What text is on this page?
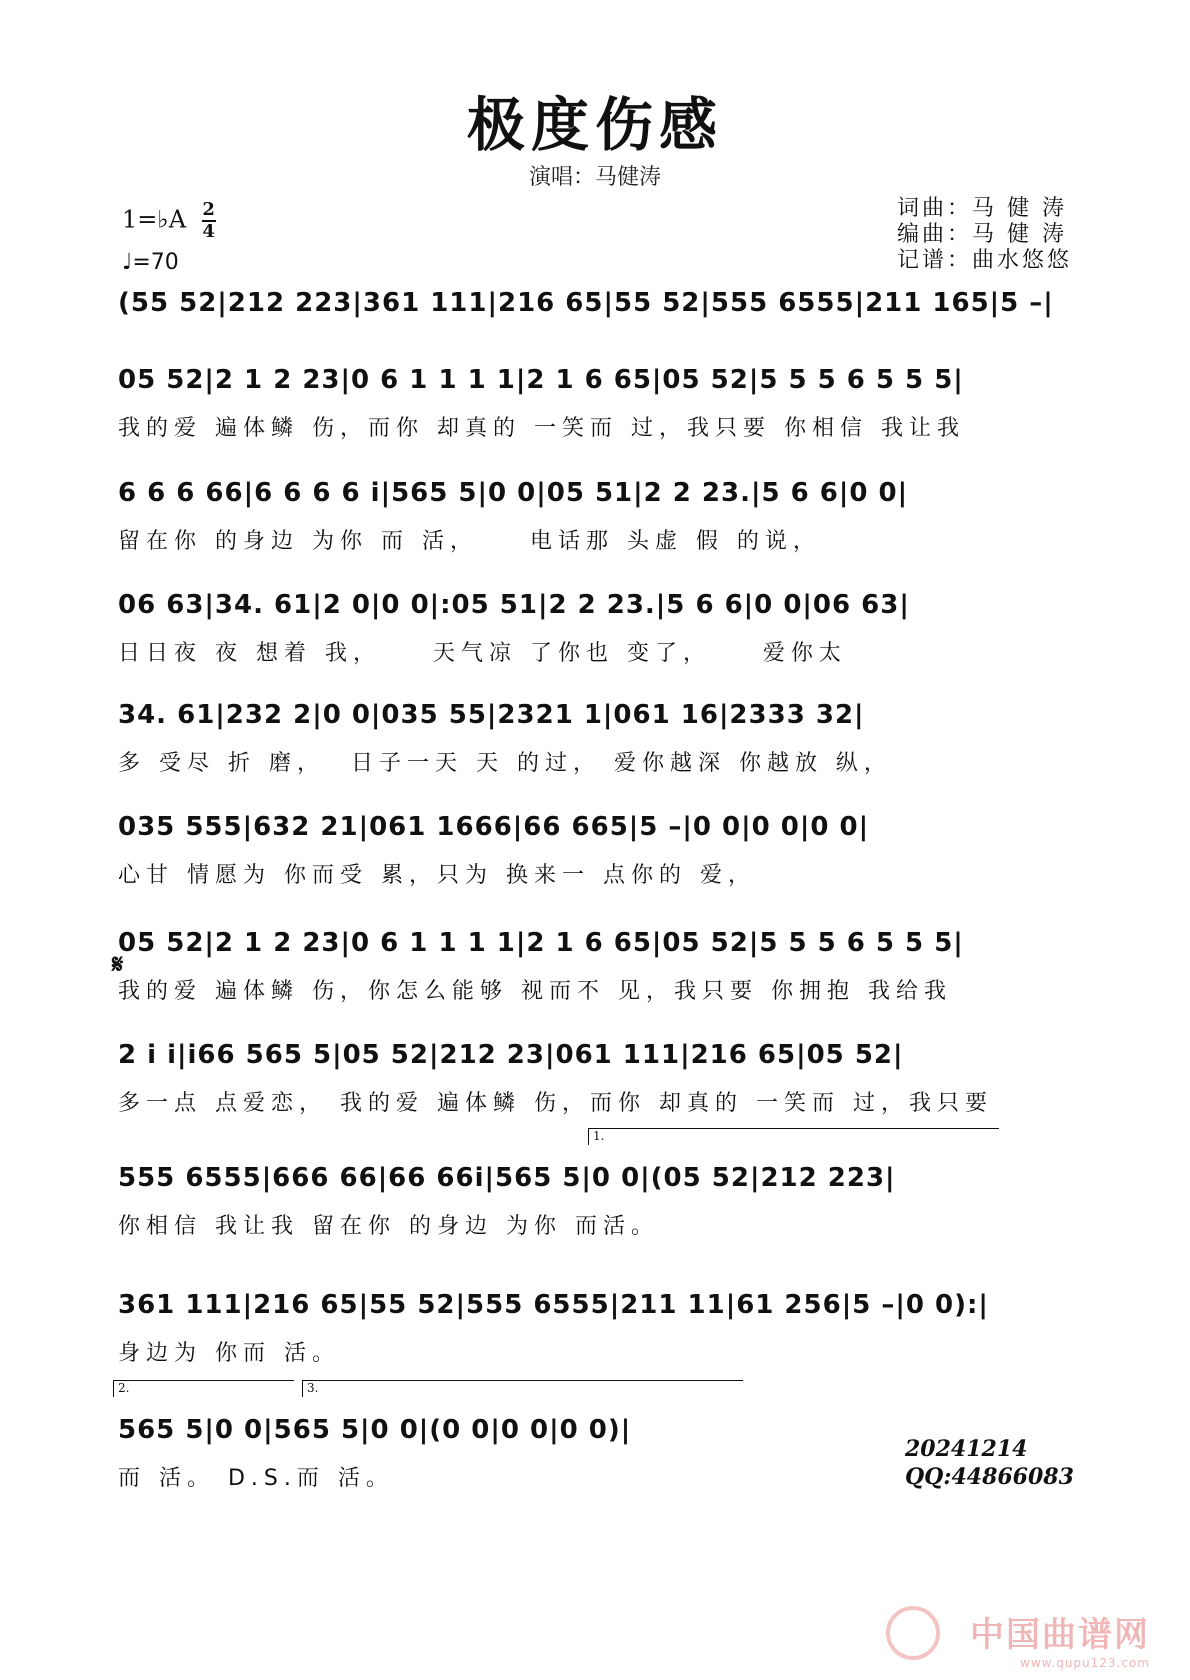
极度伤感
演唱：马健涛
1=♭A $\frac{2}{4}$
♩=70
词曲：马 健 涛
编曲：马 健 涛
记谱：曲水悠悠
𝄋
1.
2.	3.
(55 52|212 223|361 111|216 65|55 52|555 6555|211 165|5 –|
05 52|2 1 2 23|0 6 1 1 1 1|2 1 6 65|05 52|5 5 5 6 5 5 5|
我的爱 遍体鳞 伤，而你 却真的 一笑而 过，我只要 你相信 我让我
6 6 6 66|6 6 6 6 i|565 5|0 0|05 51|2 2 23.|5 6 6|0 0|
留在你 的身边 为你 而 活，    电话那 头虚 假 的说，
06 63|34. 61|2 0|0 0|:05 51|2 2 23.|5 6 6|0 0|06 63|
日日夜 夜 想着 我，    天气凉 了你也 变了，    爱你太
34. 61|232 2|0 0|035 55|2321 1|061 16|2333 32|
多 受尽 折 磨，  日子一天 天 的过， 爱你越深 你越放 纵，
035 555|632 21|061 1666|66 665|5 –|0 0|0 0|0 0|
心甘 情愿为 你而受 累，只为 换来一 点你的 爱，
05 52|2 1 2 23|0 6 1 1 1 1|2 1 6 65|05 52|5 5 5 6 5 5 5|
我的爱 遍体鳞 伤，你怎么能够 视而不 见，我只要 你拥抱 我给我
2 i i|i66 565 5|05 52|212 23|061 111|216 65|05 52|
多一点 点爱恋， 我的爱 遍体鳞 伤，而你 却真的 一笑而 过，我只要
555 6555|666 66|66 66i|565 5|0 0|(05 52|212 223|
你相信 我让我 留在你 的身边 为你 而活。
361 111|216 65|55 52|555 6555|211 11|61 256|5 –|0 0):|
身边为 你而 活。
565 5|0 0|565 5|0 0|(0 0|0 0|0 0)|
而 活。 D.S.而 活。
20241214
QQ:44866083
中国曲谱网
www.qupu123.com
